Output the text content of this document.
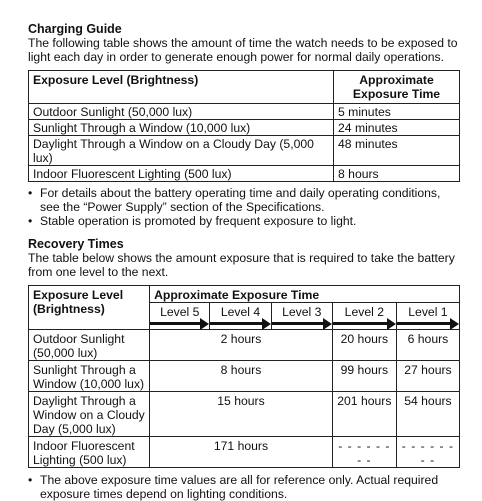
Charging Guide

The following table shows the amount of time the watch needs to be exposed to light each day in order to generate enough power for normal daily operations.

Exposure Level (Brightness)	Approximate Exposure Time
Outdoor Sunlight (50,000 lux)	5 minutes
Sunlight Through a Window (10,000 lux)	24 minutes
Daylight Through a Window on a Cloudy Day (5,000 lux)	48 minutes
Indoor Fluorescent Lighting (500 lux)	8 hours
• For details about the battery operating time and daily operating conditions, see the “Power Supply” section of the Specifications.
• Stable operation is promoted by frequent exposure to light.
Recovery Times

The table below shows the amount exposure that is required to take the battery from one level to the next.

Exposure Level (Brightness)	Approximate Exposure Time				
	Level 5	Level 4	Level 3	Level 2	Level 1

Outdoor Sunlight (50,000 lux)	2 hours			20 hours	6 hours
Sunlight Through a Window (10,000 lux)	8 hours			99 hours	27 hours
Daylight Through a Window on a Cloudy Day (5,000 lux)	15 hours			201 hours	54 hours
Indoor Fluorescent Lighting (500 lux)	171 hours			- - - - - - - -	- - - - - - - -
• The above exposure time values are all for reference only. Actual required exposure times depend on lighting conditions.
